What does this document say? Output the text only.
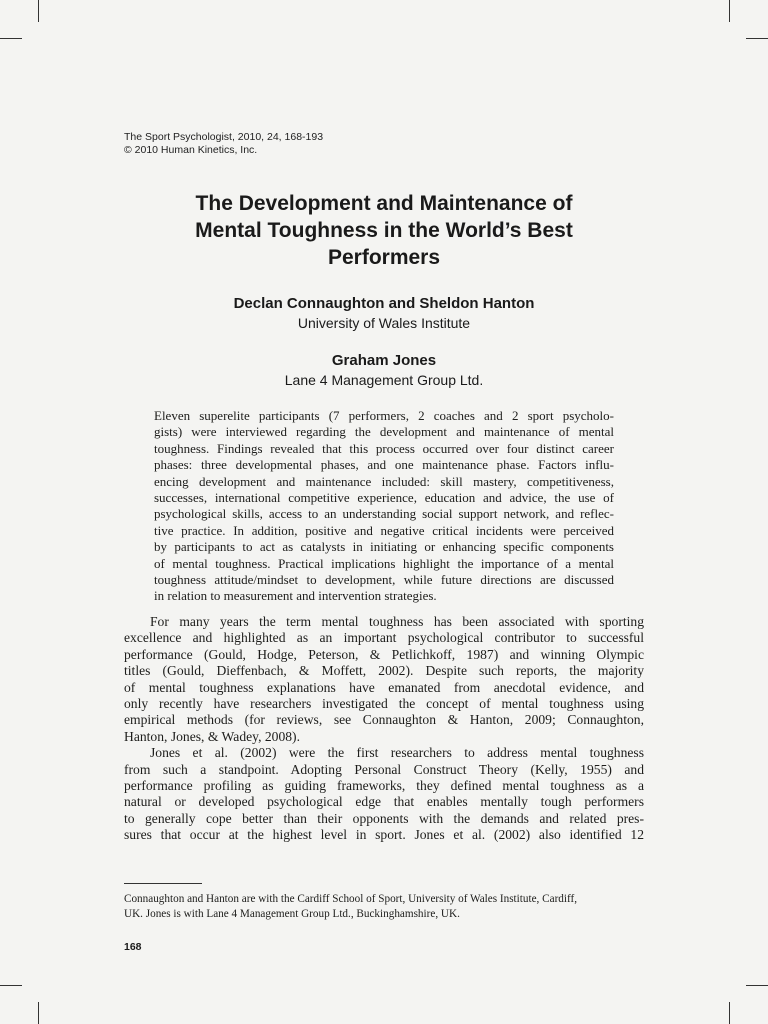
The Sport Psychologist, 2010, 24, 168-193
© 2010 Human Kinetics, Inc.
The Development and Maintenance of
Mental Toughness in the World’s Best
Performers
Declan Connaughton and Sheldon Hanton
University of Wales Institute
Graham Jones
Lane 4 Management Group Ltd.
Eleven superelite participants (7 performers, 2 coaches and 2 sport psycholo-
gists) were interviewed regarding the development and maintenance of mental
toughness. Findings revealed that this process occurred over four distinct career
phases: three developmental phases, and one maintenance phase. Factors influ-
encing development and maintenance included: skill mastery, competitiveness,
successes, international competitive experience, education and advice, the use of
psychological skills, access to an understanding social support network, and reflec-
tive practice. In addition, positive and negative critical incidents were perceived
by participants to act as catalysts in initiating or enhancing specific components
of mental toughness. Practical implications highlight the importance of a mental
toughness attitude/mindset to development, while future directions are discussed
in relation to measurement and intervention strategies.
For many years the term mental toughness has been associated with sporting
excellence and highlighted as an important psychological contributor to successful
performance (Gould, Hodge, Peterson, & Petlichkoff, 1987) and winning Olympic
titles (Gould, Dieffenbach, & Moffett, 2002). Despite such reports, the majority
of mental toughness explanations have emanated from anecdotal evidence, and
only recently have researchers investigated the concept of mental toughness using
empirical methods (for reviews, see Connaughton & Hanton, 2009; Connaughton,
Hanton, Jones, & Wadey, 2008).
Jones et al. (2002) were the first researchers to address mental toughness
from such a standpoint. Adopting Personal Construct Theory (Kelly, 1955) and
performance profiling as guiding frameworks, they defined mental toughness as a
natural or developed psychological edge that enables mentally tough performers
to generally cope better than their opponents with the demands and related pres-
sures that occur at the highest level in sport. Jones et al. (2002) also identified 12
Connaughton and Hanton are with the Cardiff School of Sport, University of Wales Institute, Cardiff,
UK. Jones is with Lane 4 Management Group Ltd., Buckinghamshire, UK.
168
